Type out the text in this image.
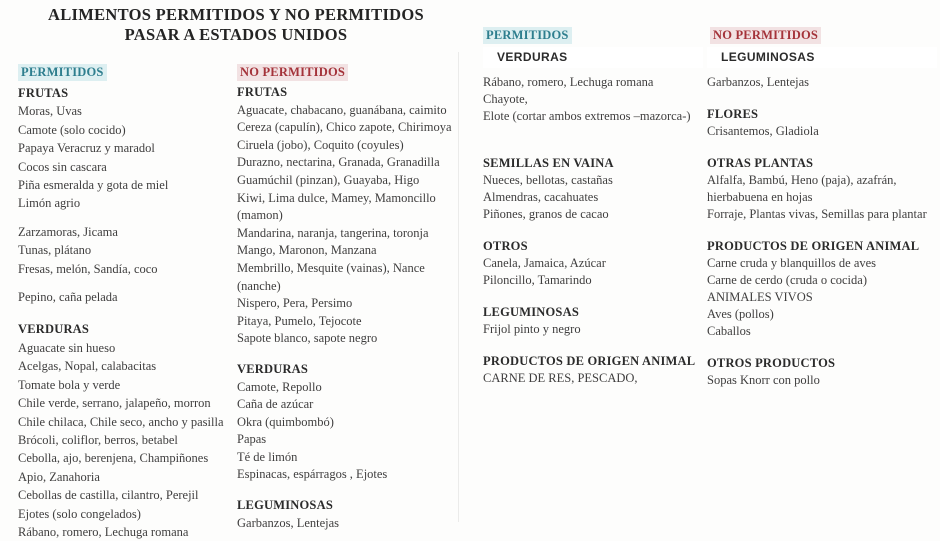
ALIMENTOS PERMITIDOS Y NO PERMITIDOS
PASAR A ESTADOS UNIDOS
PERMITIDOS
FRUTAS
Moras, Uvas
Camote (solo cocido)
Papaya Veracruz y maradol
Cocos sin cascara
Piña esmeralda y gota de miel
Limón agrio
Zarzamoras, Jicama
Tunas, plátano
Fresas, melón, Sandía, coco
Pepino, caña pelada
VERDURAS
Aguacate sin hueso
Acelgas, Nopal, calabacitas
Tomate bola y verde
Chile verde, serrano, jalapeño, morron
Chile chilaca, Chile seco, ancho y pasilla
Brócoli, coliflor, berros, betabel
Cebolla, ajo, berenjena, Champiñones
Apio, Zanahoria
Cebollas de castilla, cilantro, Perejil
Ejotes (solo congelados)
Rábano, romero, Lechuga romana
NO PERMITIDOS
FRUTAS
Aguacate, chabacano, guanábana, caimito
Cereza (capulín), Chico zapote, Chirimoya
Ciruela (jobo), Coquito (coyules)
Durazno, nectarina, Granada, Granadilla
Guamúchil (pinzan), Guayaba, Higo
Kiwi, Lima dulce, Mamey, Mamoncillo
(mamon)
Mandarina, naranja, tangerina, toronja
Mango, Maronon, Manzana
Membrillo, Mesquite (vainas), Nance
(nanche)
Nispero, Pera, Persimo
Pitaya, Pumelo, Tejocote
Sapote blanco, sapote negro
VERDURAS
Camote, Repollo
Caña de azúcar
Okra (quimbombó)
Papas
Té de limón
Espinacas, espárragos , Ejotes
LEGUMINOSAS
Garbanzos, Lentejas
PERMITIDOS
VERDURAS
Rábano, romero, Lechuga romana
Chayote,
Elote (cortar ambos extremos –mazorca-)
SEMILLAS EN VAINA
Nueces, bellotas, castañas
Almendras, cacahuates
Piñones, granos de cacao
OTROS
Canela, Jamaica, Azúcar
Piloncillo, Tamarindo
LEGUMINOSAS
Frijol pinto y negro
PRODUCTOS DE ORIGEN ANIMAL
CARNE DE RES, PESCADO,
NO PERMITIDOS
LEGUMINOSAS
Garbanzos, Lentejas
FLORES
Crisantemos, Gladiola
OTRAS PLANTAS
Alfalfa, Bambú, Heno (paja), azafrán,
hierbabuena en hojas
Forraje, Plantas vivas, Semillas para plantar
PRODUCTOS DE ORIGEN ANIMAL
Carne cruda y blanquillos de aves
Carne de cerdo (cruda o cocida)
ANIMALES VIVOS
Aves (pollos)
Caballos
OTROS PRODUCTOS
Sopas Knorr con pollo
